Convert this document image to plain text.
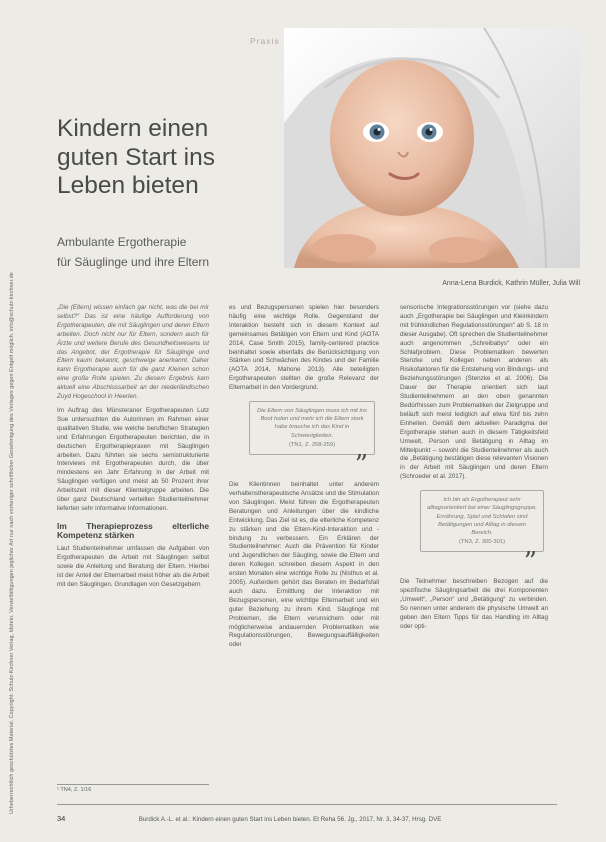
Urheberrechtlich geschütztes Material. Copyright: Schulz-Kirchner Verlag, Idstein. Vervielfältigungen jeglicher Art nur nach vorheriger schriftlicher Genehmigung des Verlages gegen Entgelt möglich. info@schulz-kirchner.de
Praxis
Kindern einen
guten Start ins
Leben bieten
Ambulante Ergotherapie
für Säuglinge und ihre Eltern
Anna-Lena Burdick, Kathrin Müller, Julia Will

„Die (Eltern) wissen einfach gar nicht, was die bei mir selbst?“ Das ist eine häufige Aufforderung von Ergotherapeuten, die mit Säuglingen und deren Eltern arbeiten. Doch nicht nur für Eltern, sondern auch für Ärzte und weitere Berufe des Gesundheitswesens ist das Angebot, der Ergotherapie für Säuglinge und Eltern kaum bekannt, geschweige anerkannt. Daher kann Ergotherapie auch für die ganz Kleinen schon eine große Rolle spielen. Zu diesem Ergebnis kam aktuell eine Abschlussarbeit an der niederländischen Zuyd Hogeschool in Heerlen.

Im Auftrag des Münsteraner Ergotherapeuten Lutz Sue untersuchten die Autorinnen im Rahmen einer qualitativen Studie, wie welche beruflichen Strategien und Erfahrungen Ergotherapeuten berichten, die in deutschen Ergotherapiepraxen mit Säuglingen arbeiten. Dazu führten sie sechs semistrukturierte Interviews mit Ergotherapeuten durch, die über mindestens ein Jahr Erfahrung in der Arbeit mit Säuglingen verfügen und meist ab 50 Prozent ihrer Arbeitszeit mit dieser Klientelgruppe arbeiten. Die über ganz Deutschland verteilten Studienteilnehmer lieferten sehr informative Informationen.

Im Therapieprozess elterliche Kompetenz stärken

Laut Studienteilnehmer umfassen die Aufgaben von Ergotherapeuten die Arbeit mit Säuglingen selbst sowie die Anleitung und Beratung der Eltern. Hierbei ist der Anteil der Elternarbeit meist höher als die Arbeit mit den Säuglingen. Grundlagen von Gesetzgebern

es und Bezugspersonen spielen hier besonders häufig eine wichtige Rolle. Gegenstand der Interaktion besteht sich in diesem Kontext auf gemeinsames Betätigen von Eltern und Kind (AOTA 2014, Case Smith 2015), family-centered practice beinhaltet sowie ebenfalls die Berücksichtigung von Stärken und Schwächen des Kindes und der Familie (AOTA 2014, Mahone 2013). Alle beteiligten Ergotherapeuten stellten die große Relevanz der Elternarbeit in den Vordergrund.

Die Eltern von Säuglingen muss ich mit ins Boot holen und mehr ich die Eltern stark habe brauche ich das Kind in Schwierigkeiten.
(TN1, Z. 258-259)
”

Die Klientinnen beinhaltet unter anderem verhaltenstherapeutische Ansätze und die Stimulation von Säuglingen. Meist führen die Ergotherapeuten Beratungen und Anleitungen über die kindliche Entwicklung. Das Ziel ist es, die elterliche Kompetenz zu stärken und die Eltern-Kind-Interaktion und -bindung zu verbessern. Ein Erklären der Studienteilnehmer: Auch die Prävention für Kinder und Jugendlichen der Säugling, sowie die Eltern und deren Kollegen schreiben diesem Aspekt in den ersten Monaten eine wichtige Rolle zu (Nisthus et al. 2005). Außerdem gehört das Beraten im Bedarfsfall auch dazu. Ermittlung der Interaktion mit Bezugspersonen, eine wichtige Elternarbeit und ein guter Beziehung zu ihrem Kind. Säuglinge mit Problemen, die Eltern verunsichern oder mit möglicherweise andauernden Problematiken wie Regulationsstörungen, Bewegungsauffälligkeiten oder

sensorische Integrationsstörungen vor (siehe dazu auch „Ergotherapie bei Säuglingen und Kleinkindern mit frühkindlichen Regulationsstörungen“ ab S. 18 in dieser Ausgabe). Oft sprechen die Studienteilnehmer auch angenommen „Schreibabys“ oder ein Schlafproblem. Diese Problematiken bewerten Stenzke und Kollegen neben anderen als Risikofaktoren für die Entstehung von Bindungs- und Beziehungsstörungen (Stenzke et al. 2006). Die Dauer der Therapie orientiert sich laut Studienteilnehmern an den oben genannten Bedürfnissen zum Problematiken der Zielgruppe und beläuft sich meist lediglich auf etwa fünf bis zehn Einheiten. Gemäß dem aktuellen Paradigma der Ergotherapie stehen auch in diesem Tätigkeitsfeld Umwelt, Person und Betätigung in Alltag im Mittelpunkt – sowohl die Studienteilnehmer als auch die „Betätigung bestätigen diese relevanten Visionen in der Arbeit mit Säuglingen und deren Eltern (Schroeder et al. 2017).

Ich bin als Ergotherapeut sehr alltagsorientiert bei einer Säuglingsgruppe, Ernährung, Spiel und Schlafen sind Betätigungen und Alltag in diesem Bereich.
(TN3, Z. 300-301)
”

Die Teilnehmer beschreiben Bezogen auf die spezifische Säuglingsarbeit die drei Komponenten „Umwelt“, „Person“ und „Betätigung“ zu verbinden. So nennen unter anderem die physische Umwelt an geben den Eltern Tipps für das Handling im Alltag oder opti-

¹ TN4, Z. 1/16
34	Burdick A.-L. et al.: Kindern einen guten Start ins Leben bieten. Et Reha 56. Jg., 2017, Nr. 3, 34-37, Hrsg. DVE
